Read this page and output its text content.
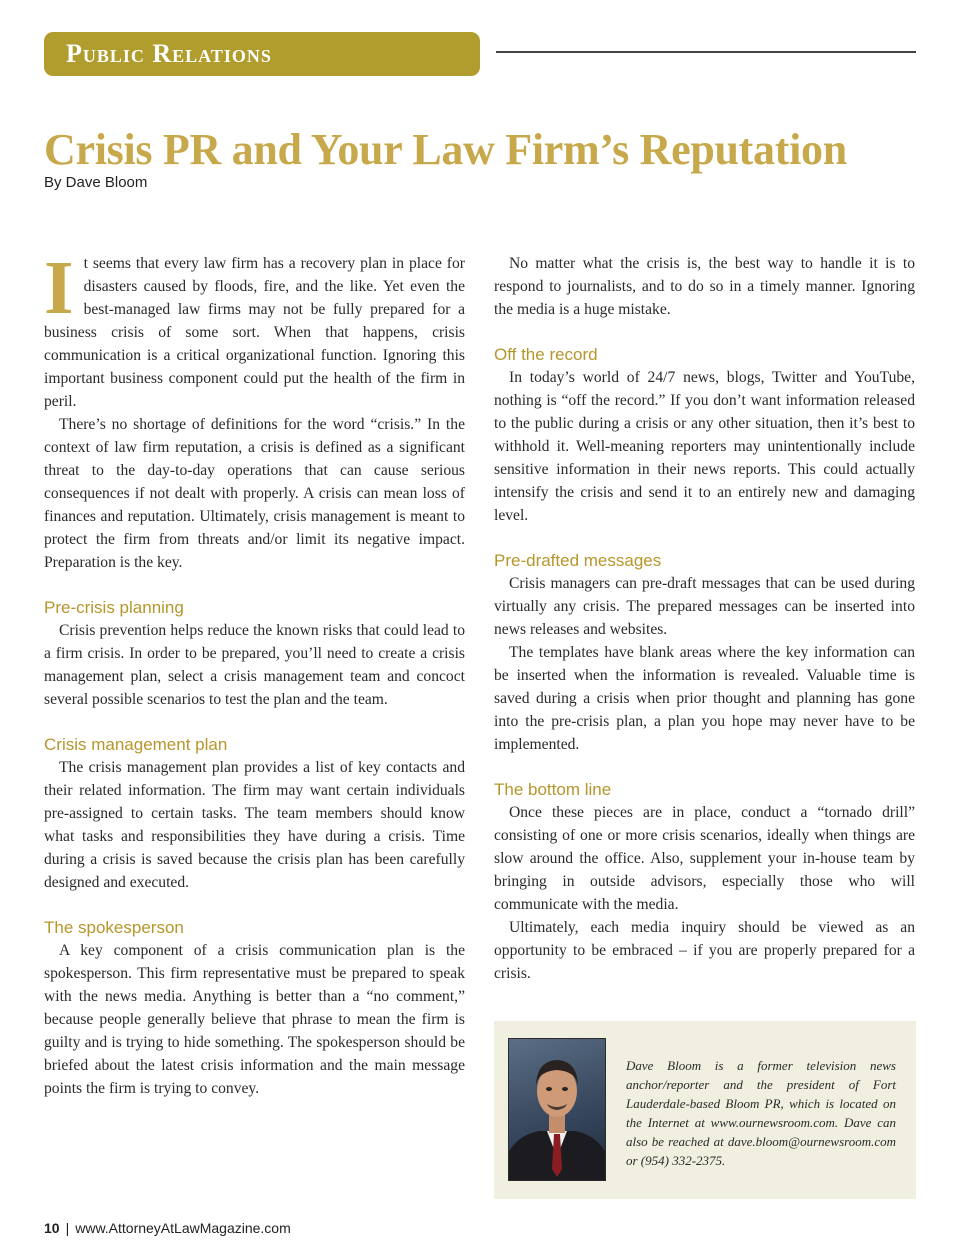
Public Relations
Crisis PR and Your Law Firm’s Reputation

By Dave Bloom

It seems that every law firm has a recovery plan in place for disasters caused by floods, fire, and the like. Yet even the best-managed law firms may not be fully prepared for a business crisis of some sort. When that happens, crisis communication is a critical organizational function. Ignoring this important business component could put the health of the firm in peril.

There’s no shortage of definitions for the word “crisis.” In the context of law firm reputation, a crisis is defined as a significant threat to the day-to-day operations that can cause serious consequences if not dealt with properly. A crisis can mean loss of finances and reputation. Ultimately, crisis management is meant to protect the firm from threats and/or limit its negative impact. Preparation is the key.

Pre-crisis planning

Crisis prevention helps reduce the known risks that could lead to a firm crisis. In order to be prepared, you’ll need to create a crisis management plan, select a crisis management team and concoct several possible scenarios to test the plan and the team.

Crisis management plan

The crisis management plan provides a list of key contacts and their related information. The firm may want certain individuals pre-assigned to certain tasks. The team members should know what tasks and responsibilities they have during a crisis. Time during a crisis is saved because the crisis plan has been carefully designed and executed.

The spokesperson

A key component of a crisis communication plan is the spokesperson. This firm representative must be prepared to speak with the news media. Anything is better than a “no comment,” because people generally believe that phrase to mean the firm is guilty and is trying to hide something. The spokesperson should be briefed about the latest crisis information and the main message points the firm is trying to convey.

No matter what the crisis is, the best way to handle it is to respond to journalists, and to do so in a timely manner. Ignoring the media is a huge mistake.

Off the record

In today’s world of 24/7 news, blogs, Twitter and YouTube, nothing is “off the record.” If you don’t want information released to the public during a crisis or any other situation, then it’s best to withhold it. Well-meaning reporters may unintentionally include sensitive information in their news reports. This could actually intensify the crisis and send it to an entirely new and damaging level.

Pre-drafted messages

Crisis managers can pre-draft messages that can be used during virtually any crisis. The prepared messages can be inserted into news releases and websites.

The templates have blank areas where the key information can be inserted when the information is revealed. Valuable time is saved during a crisis when prior thought and planning has gone into the pre-crisis plan, a plan you hope may never have to be implemented.

The bottom line

Once these pieces are in place, conduct a “tornado drill” consisting of one or more crisis scenarios, ideally when things are slow around the office. Also, supplement your in-house team by bringing in outside advisors, especially those who will communicate with the media.

Ultimately, each media inquiry should be viewed as an opportunity to be embraced – if you are properly prepared for a crisis.

Dave Bloom is a former television news anchor/reporter and the president of Fort Lauderdale-based Bloom PR, which is located on the Internet at www.ournewsroom.com. Dave can also be reached at dave.bloom@ournewsroom.com or (954) 332-2375.

10 | www.AttorneyAtLawMagazine.com
